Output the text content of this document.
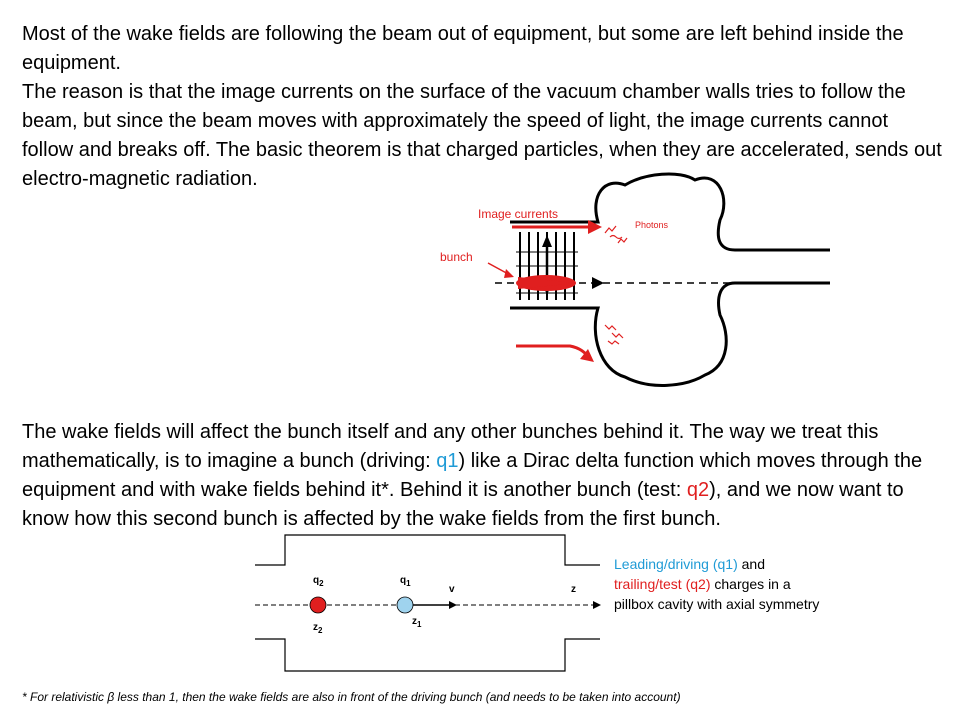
Most of the wake fields are following the beam out of equipment, but some are left behind inside the equipment.
The reason is that the image currents on the surface of the vacuum chamber walls tries to follow the beam, but since the beam moves with approximately the speed of light, the image currents cannot follow and breaks off. The basic theorem is that charged particles, when they are accelerated, sends out electro-magnetic radiation.
Image currents
Photons
bunch
The wake fields will affect the bunch itself and any other bunches behind it. The way we treat this mathematically, is to imagine a bunch (driving: q1) like a Dirac delta function which moves through the equipment and with wake fields behind it*. Behind it is another bunch (test: q2), and we now want to know how this second bunch is affected by the wake fields from the first bunch.
$q_2$	$q_1$
$z_2$
$z_1$
v	z
Leading/driving (q1) and
trailing/test (q2) charges in a
pillbox cavity with axial symmetry
* For relativistic β less than 1, then the wake fields are also in front of the driving bunch (and needs to be taken into account)
